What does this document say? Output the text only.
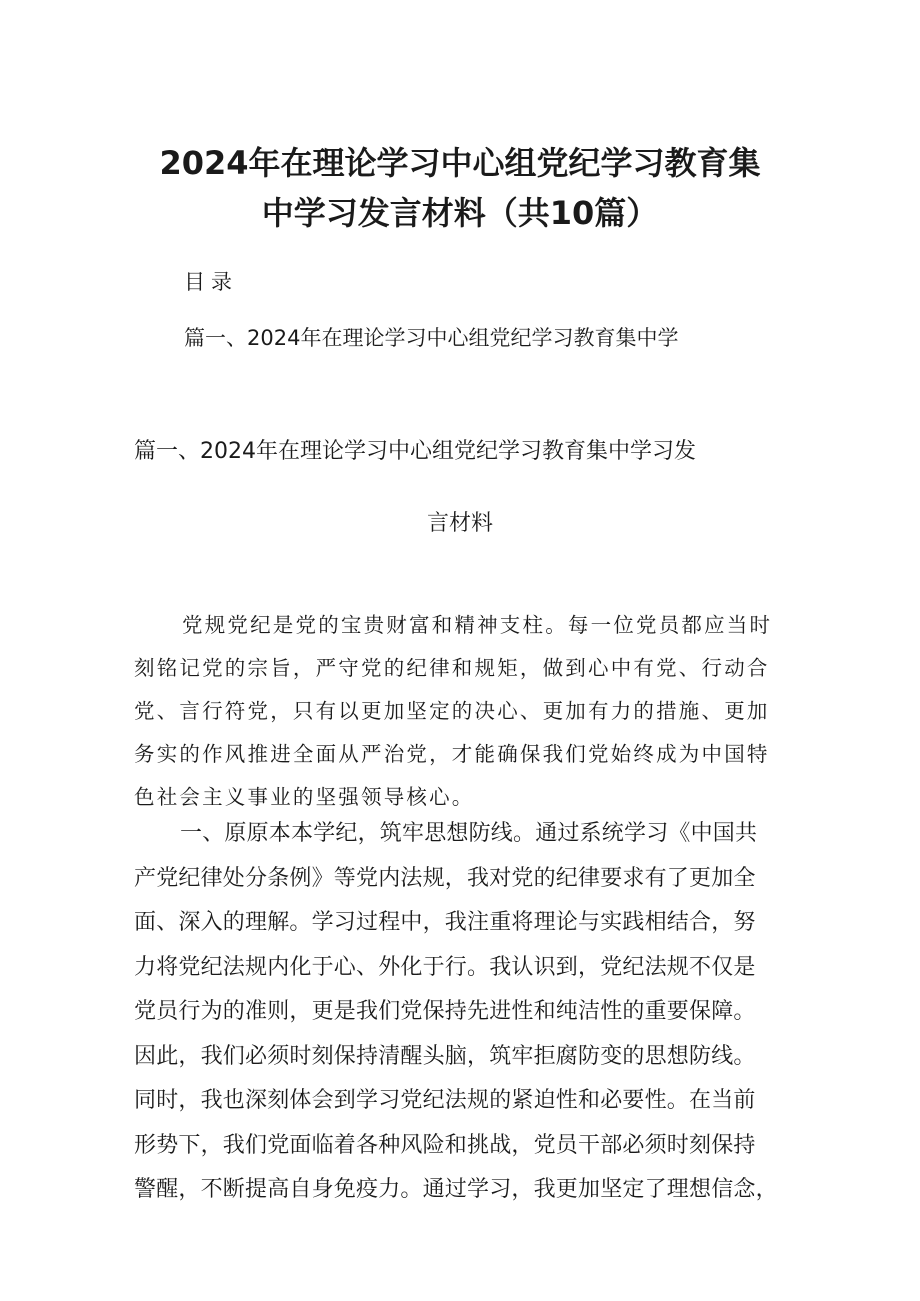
2024年在理论学习中心组党纪学习教育集
中学习发言材料（共10篇）
目录
篇一、2024年在理论学习中心组党纪学习教育集中学
篇一、2024年在理论学习中心组党纪学习教育集中学习发
言材料
党规党纪是党的宝贵财富和精神支柱。每一位党员都应当时
刻铭记党的宗旨，严守党的纪律和规矩，做到心中有党、行动合
党、言行符党，只有以更加坚定的决心、更加有力的措施、更加
务实的作风推进全面从严治党，才能确保我们党始终成为中国特
色社会主义事业的坚强领导核心。
一、原原本本学纪，筑牢思想防线。通过系统学习《中国共
产党纪律处分条例》等党内法规，我对党的纪律要求有了更加全
面、深入的理解。学习过程中，我注重将理论与实践相结合，努
力将党纪法规内化于心、外化于行。我认识到，党纪法规不仅是
党员行为的准则，更是我们党保持先进性和纯洁性的重要保障。
因此，我们必须时刻保持清醒头脑，筑牢拒腐防变的思想防线。
同时，我也深刻体会到学习党纪法规的紧迫性和必要性。在当前
形势下，我们党面临着各种风险和挑战，党员干部必须时刻保持
警醒，不断提高自身免疫力。通过学习，我更加坚定了理想信念，
